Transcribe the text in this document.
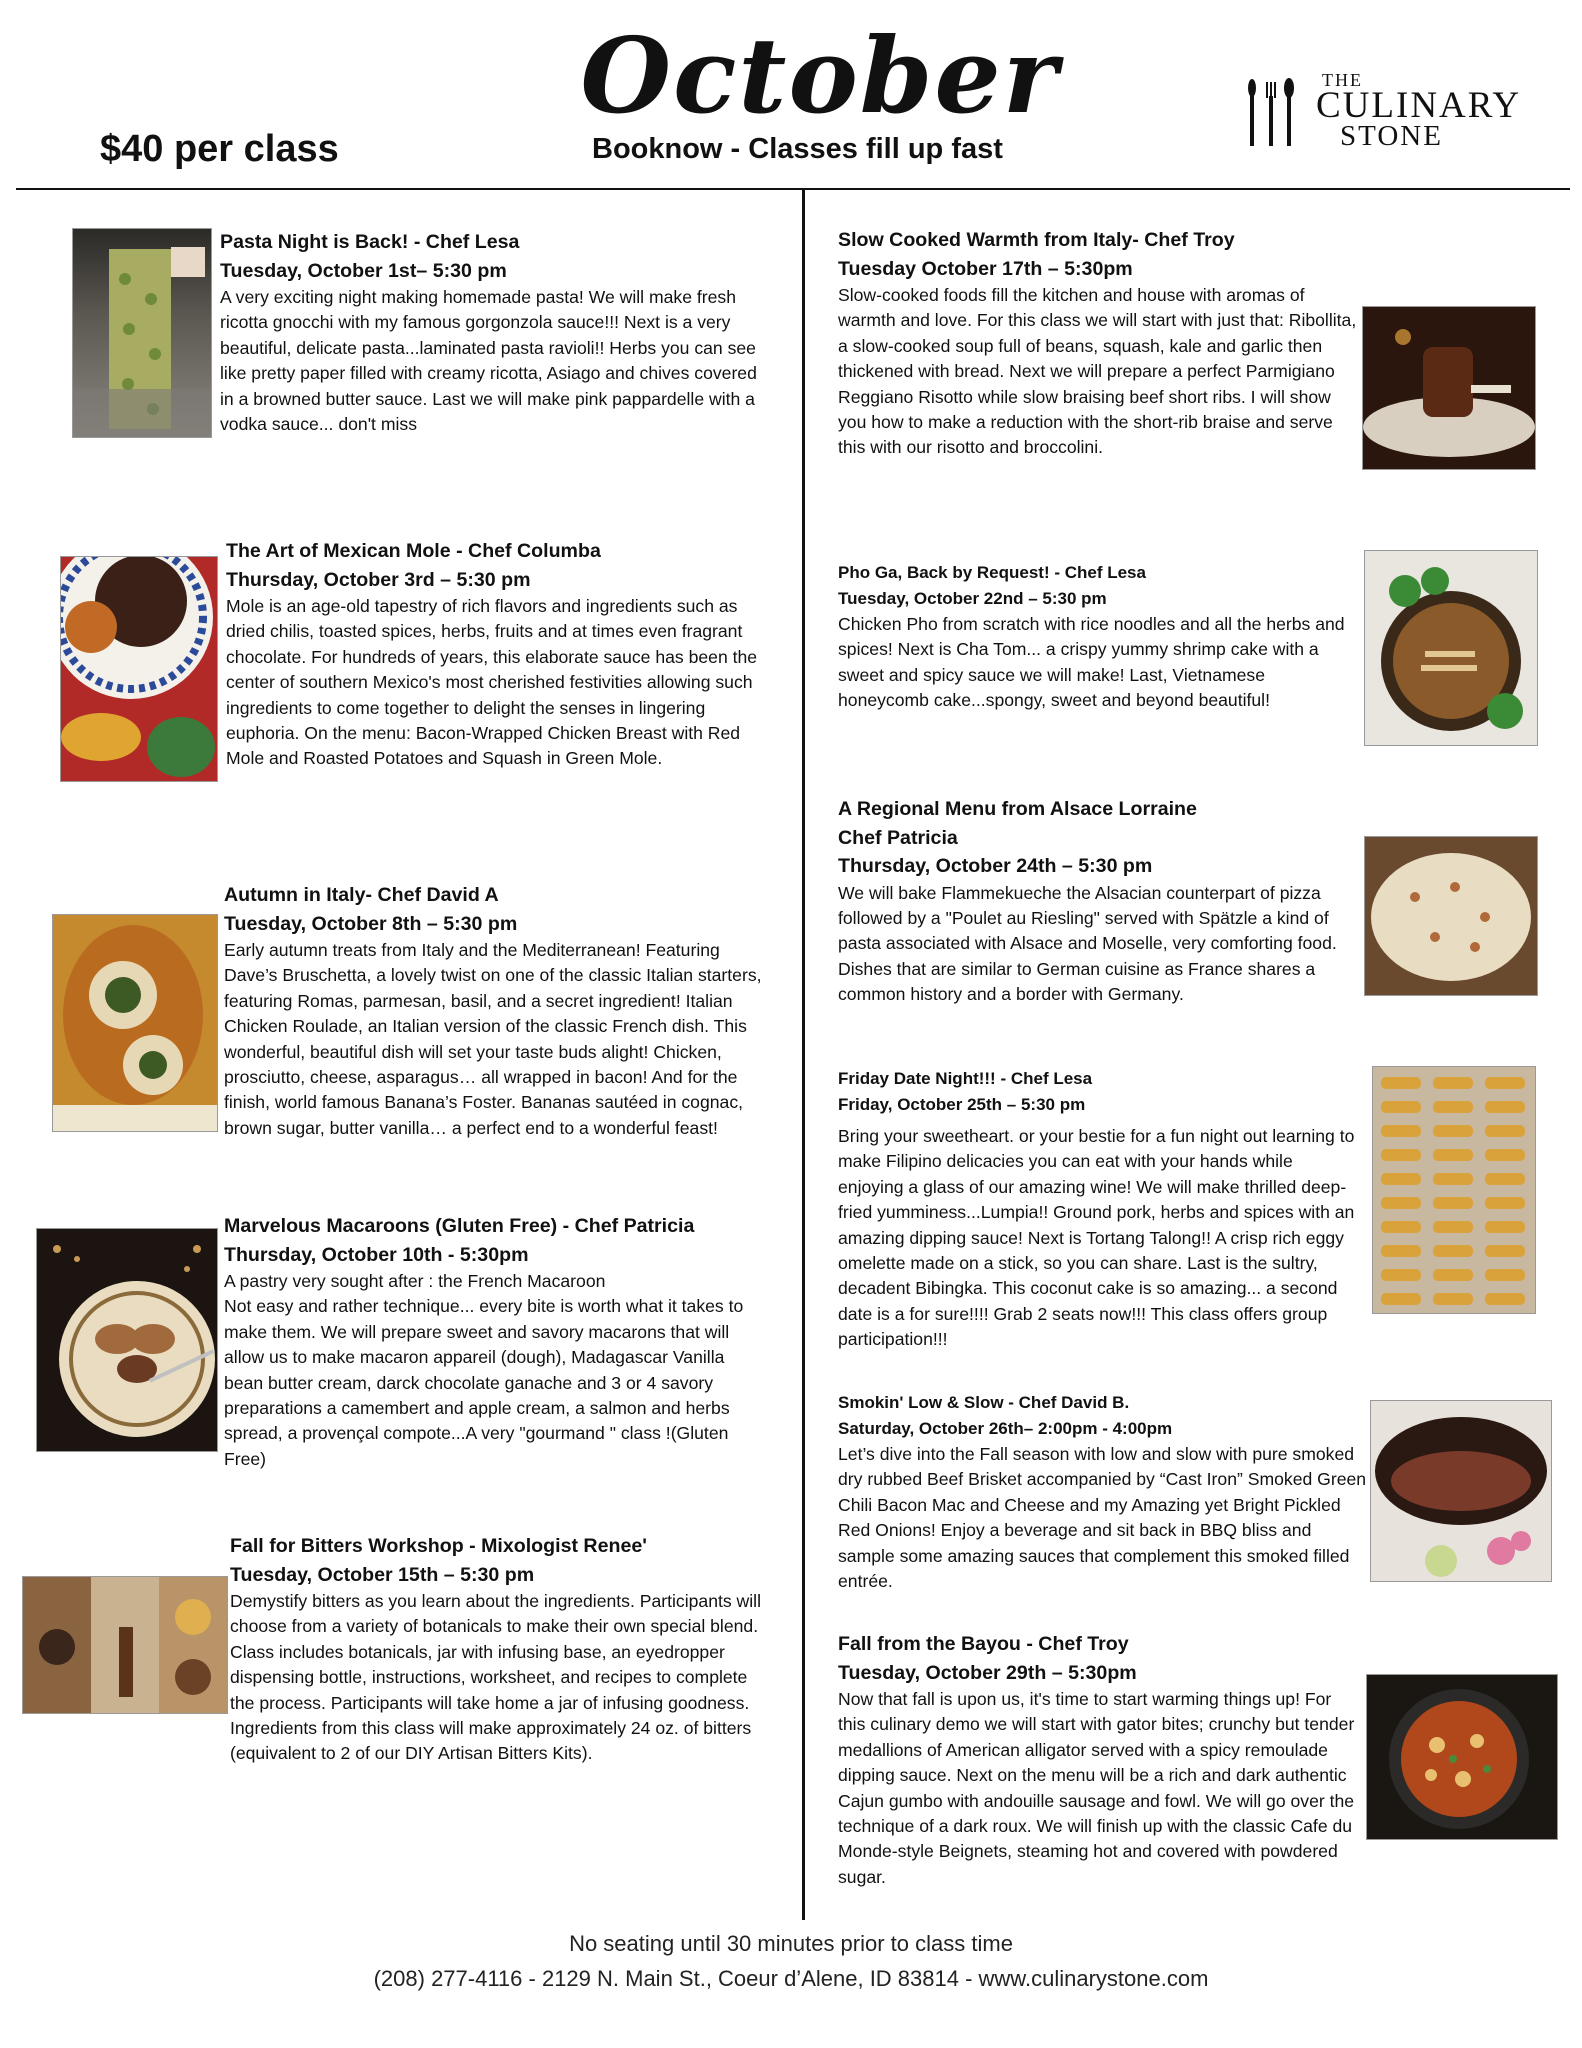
October
$40 per class	Booknow - Classes fill up fast
THE
CULINARY
STONE
Pasta Night is Back! - Chef Lesa
Tuesday, October 1st– 5:30 pm

A very exciting night making homemade pasta! We will make fresh ricotta gnocchi with my famous gorgonzola sauce!!! Next is a very beautiful, delicate pasta...laminated pasta ravioli!! Herbs you can see like pretty paper filled with creamy ricotta, Asiago and chives covered in a browned butter sauce. Last we will make pink pappardelle with a vodka sauce... don't miss

The Art of Mexican Mole - Chef Columba
Thursday, October 3rd – 5:30 pm

Mole is an age-old tapestry of rich flavors and ingredients such as dried chilis, toasted spices, herbs, fruits and at times even fragrant chocolate. For hundreds of years, this elaborate sauce has been the center of southern Mexico's most cherished festivities allowing such ingredients to come together to delight the senses in lingering euphoria. On the menu: Bacon-Wrapped Chicken Breast with Red Mole and Roasted Potatoes and Squash in Green Mole.

Autumn in Italy- Chef David A
Tuesday, October 8th – 5:30 pm

Early autumn treats from Italy and the Mediterranean! Featuring Dave’s Bruschetta, a lovely twist on one of the classic Italian starters, featuring Romas, parmesan, basil, and a secret ingredient! Italian Chicken Roulade, an Italian version of the classic French dish. This wonderful, beautiful dish will set your taste buds alight! Chicken, prosciutto, cheese, asparagus… all wrapped in bacon! And for the finish, world famous Banana’s Foster. Bananas sautéed in cognac, brown sugar, butter vanilla… a perfect end to a wonderful feast!

Marvelous Macaroons (Gluten Free) - Chef Patricia
Thursday, October 10th - 5:30pm

A pastry very sought after : the French Macaroon
Not easy and rather technique... every bite is worth what it takes to make them. We will prepare sweet and savory macarons that will allow us to make macaron appareil (dough), Madagascar Vanilla bean butter cream, darck chocolate ganache and 3 or 4 savory preparations a camembert and apple cream, a salmon and herbs spread, a provençal compote...A very "gourmand " class !(Gluten Free)

Fall for Bitters Workshop - Mixologist Renee'
Tuesday, October 15th – 5:30 pm

Demystify bitters as you learn about the ingredients. Participants will choose from a variety of botanicals to make their own special blend. Class includes botanicals, jar with infusing base, an eyedropper dispensing bottle, instructions, worksheet, and recipes to complete the process. Participants will take home a jar of infusing goodness. Ingredients from this class will make approximately 24 oz. of bitters (equivalent to 2 of our DIY Artisan Bitters Kits).

Slow Cooked Warmth from Italy- Chef Troy
Tuesday October 17th – 5:30pm

Slow-cooked foods fill the kitchen and house with aromas of warmth and love. For this class we will start with just that: Ribollita, a slow-cooked soup full of beans, squash, kale and garlic then thickened with bread. Next we will prepare a perfect Parmigiano Reggiano Risotto while slow braising beef short ribs. I will show you how to make a reduction with the short-rib braise and serve this with our risotto and broccolini.

Pho Ga, Back by Request! - Chef Lesa
Tuesday, October 22nd – 5:30 pm

Chicken Pho from scratch with rice noodles and all the herbs and spices! Next is Cha Tom... a crispy yummy shrimp cake with a sweet and spicy sauce we will make! Last, Vietnamese honeycomb cake...spongy, sweet and beyond beautiful!

A Regional Menu from Alsace Lorraine
Chef Patricia
Thursday, October 24th – 5:30 pm

We will bake Flammekueche the Alsacian counterpart of pizza followed by a "Poulet au Riesling" served with Spätzle a kind of pasta associated with Alsace and Moselle, very comforting food.
Dishes that are similar to German cuisine as France shares a common history and a border with Germany.

Friday Date Night!!! - Chef Lesa
Friday, October 25th – 5:30 pm

Bring your sweetheart. or your bestie for a fun night out learning to make Filipino delicacies you can eat with your hands while enjoying a glass of our amazing wine! We will make thrilled deep-fried yumminess...Lumpia!! Ground pork, herbs and spices with an amazing dipping sauce! Next is Tortang Talong!! A crisp rich eggy omelette made on a stick, so you can share. Last is the sultry, decadent Bibingka. This coconut cake is so amazing... a second date is a for sure!!!! Grab 2 seats now!!! This class offers group participation!!!

Smokin' Low & Slow - Chef David B.
Saturday, October 26th– 2:00pm - 4:00pm

Let’s dive into the Fall season with low and slow with pure smoked dry rubbed Beef Brisket accompanied by “Cast Iron” Smoked Green Chili Bacon Mac and Cheese and my Amazing yet Bright Pickled Red Onions! Enjoy a beverage and sit back in BBQ bliss and sample some amazing sauces that complement this smoked filled entrée.

Fall from the Bayou - Chef Troy
Tuesday, October 29th – 5:30pm

Now that fall is upon us, it's time to start warming things up! For this culinary demo we will start with gator bites; crunchy but tender medallions of American alligator served with a spicy remoulade dipping sauce. Next on the menu will be a rich and dark authentic Cajun gumbo with andouille sausage and fowl. We will go over the technique of a dark roux. We will finish up with the classic Cafe du Monde-style Beignets, steaming hot and covered with powdered sugar.

No seating until 30 minutes prior to class time
(208) 277-4116 - 2129 N. Main St., Coeur d’Alene, ID 83814 - www.culinarystone.com
